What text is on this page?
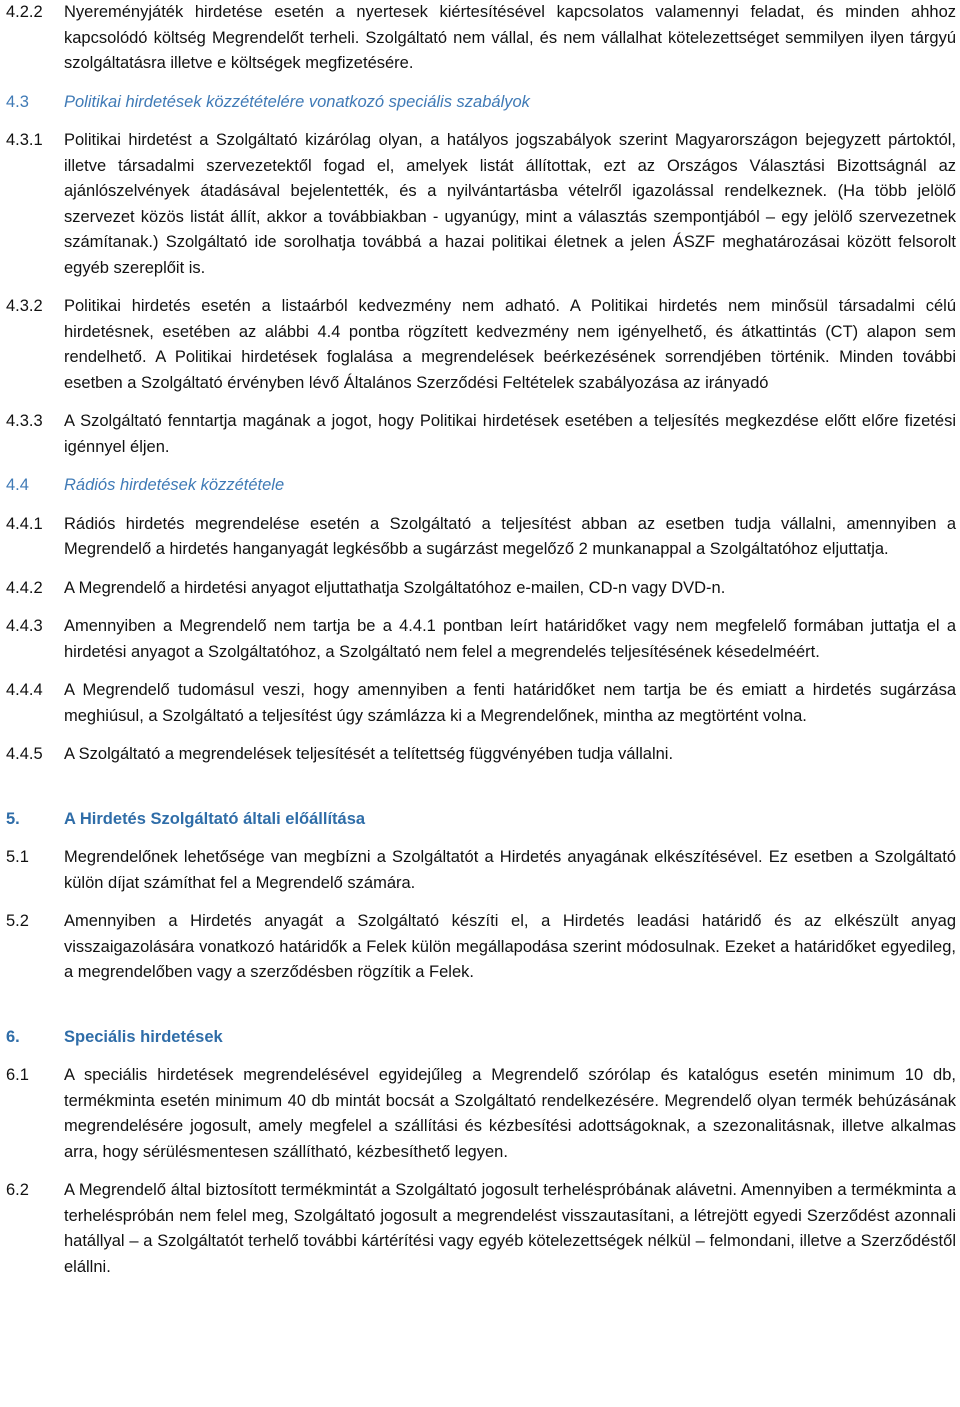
4.2.2	Nyereményjáték hirdetése esetén a nyertesek kiértesítésével kapcsolatos valamennyi feladat, és minden ahhoz kapcsolódó költség Megrendelőt terheli. Szolgáltató nem vállal, és nem vállalhat kötelezettséget semmilyen ilyen tárgyú szolgáltatásra illetve e költségek megfizetésére.
4.3	Politikai hirdetések közzétételére vonatkozó speciális szabályok
4.3.1	Politikai hirdetést a Szolgáltató kizárólag olyan, a hatályos jogszabályok szerint Magyarországon bejegyzett pártoktól, illetve társadalmi szervezetektől fogad el, amelyek listát állítottak, ezt az Országos Választási Bizottságnál az ajánlószelvények átadásával bejelentették, és a nyilvántartásba vételről igazolással rendelkeznek. (Ha több jelölő szervezet közös listát állít, akkor a továbbiakban - ugyanúgy, mint a választás szempontjából – egy jelölő szervezetnek számítanak.) Szolgáltató ide sorolhatja továbbá a hazai politikai életnek a jelen ÁSZF meghatározásai között felsorolt egyéb szereplőit is.
4.3.2	Politikai hirdetés esetén a listaárból kedvezmény nem adható. A Politikai hirdetés nem minősül társadalmi célú hirdetésnek, esetében az alábbi 4.4 pontba rögzített kedvezmény nem igényelhető, és átkattintás (CT) alapon sem rendelhető. A Politikai hirdetések foglalása a megrendelések beérkezésének sorrendjében történik. Minden további esetben a Szolgáltató érvényben lévő Általános Szerződési Feltételek szabályozása az irányadó
4.3.3	A Szolgáltató fenntartja magának a jogot, hogy Politikai hirdetések esetében a teljesítés megkezdése előtt előre fizetési igénnyel éljen.
4.4	Rádiós hirdetések közzététele
4.4.1	Rádiós hirdetés megrendelése esetén a Szolgáltató a teljesítést abban az esetben tudja vállalni, amennyiben a Megrendelő a hirdetés hanganyagát legkésőbb a sugárzást megelőző 2 munkanappal a Szolgáltatóhoz eljuttatja.
4.4.2	A Megrendelő a hirdetési anyagot eljuttathatja Szolgáltatóhoz e-mailen, CD-n vagy DVD-n.
4.4.3	Amennyiben a Megrendelő nem tartja be a 4.4.1 pontban leírt határidőket vagy nem megfelelő formában juttatja el a hirdetési anyagot a Szolgáltatóhoz, a Szolgáltató nem felel a megrendelés teljesítésének késedelméért.
4.4.4	A Megrendelő tudomásul veszi, hogy amennyiben a fenti határidőket nem tartja be és emiatt a hirdetés sugárzása meghiúsul, a Szolgáltató a teljesítést úgy számlázza ki a Megrendelőnek, mintha az megtörtént volna.
4.4.5	A Szolgáltató a megrendelések teljesítését a telítettség függvényében tudja vállalni.
5.	A Hirdetés Szolgáltató általi előállítása
5.1	Megrendelőnek lehetősége van megbízni a Szolgáltatót a Hirdetés anyagának elkészítésével. Ez esetben a Szolgáltató külön díjat számíthat fel a Megrendelő számára.
5.2	Amennyiben a Hirdetés anyagát a Szolgáltató készíti el, a Hirdetés leadási határidő és az elkészült anyag visszaigazolására vonatkozó határidők a Felek külön megállapodása szerint módosulnak. Ezeket a határidőket egyedileg, a megrendelőben vagy a szerződésben rögzítik a Felek.
6.	Speciális hirdetések
6.1	A speciális hirdetések megrendelésével egyidejűleg a Megrendelő szórólap és katalógus esetén minimum 10 db, termékminta esetén minimum 40 db mintát bocsát a Szolgáltató rendelkezésére. Megrendelő olyan termék behúzásának megrendelésére jogosult, amely megfelel a szállítási és kézbesítési adottságoknak, a szezonalitásnak, illetve alkalmas arra, hogy sérülésmentesen szállítható, kézbesíthető legyen.
6.2	A Megrendelő által biztosított termékmintát a Szolgáltató jogosult terheléspróbának alávetni. Amennyiben a termékminta a terheléspróbán nem felel meg, Szolgáltató jogosult a megrendelést visszautasítani, a létrejött egyedi Szerződést azonnali hatállyal – a Szolgáltatót terhelő további kártérítési vagy egyéb kötelezettségek nélkül – felmondani, illetve a Szerződéstől elállni.
